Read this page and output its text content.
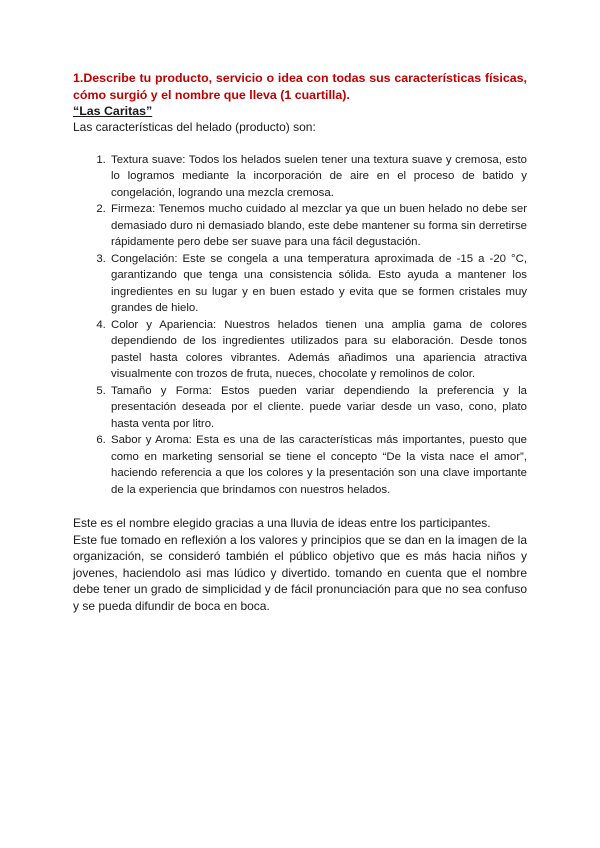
1.Describe tu producto, servicio o idea con todas sus características físicas, cómo surgió y el nombre que lleva (1 cuartilla).

“Las Caritas”

Las características del helado (producto) son:

1. Textura suave: Todos los helados suelen tener una textura suave y cremosa, esto lo logramos mediante la incorporación de aire en el proceso de batido y congelación, logrando una mezcla cremosa.
2. Firmeza: Tenemos mucho cuidado al mezclar ya que un buen helado no debe ser demasiado duro ni demasiado blando, este debe mantener su forma sin derretirse rápidamente pero debe ser suave para una fácil degustación.
3. Congelación: Este se congela a una temperatura aproximada de -15 a -20 °C, garantizando que tenga una consistencia sólida. Esto ayuda a mantener los ingredientes en su lugar y en buen estado y evita que se formen cristales muy grandes de hielo.
4. Color y Apariencia: Nuestros helados tienen una amplia gama de colores dependiendo de los ingredientes utilizados para su elaboración. Desde tonos pastel hasta colores vibrantes. Además añadimos una apariencia atractiva visualmente con trozos de fruta, nueces, chocolate y remolinos de color.
5. Tamaño y Forma: Estos pueden variar dependiendo la preferencia y la presentación deseada por el cliente. puede variar desde un vaso, cono, plato hasta venta por litro.
6. Sabor y Aroma: Esta es una de las características más importantes, puesto que como en marketing sensorial se tiene el concepto “De la vista nace el amor”, haciendo referencia a que los colores y la presentación son una clave importante de la experiencia que brindamos con nuestros helados.

Este es el nombre elegido gracias a una lluvia de ideas entre los participantes.

Este fue tomado en reflexión a los valores y principios que se dan en la imagen de la organización, se consideró también el público objetivo que es más hacia niños y jovenes, haciendolo asi mas lúdico y divertido. tomando en cuenta que el nombre debe tener un grado de simplicidad y de fácil pronunciación para que no sea confuso y se pueda difundir de boca en boca.
